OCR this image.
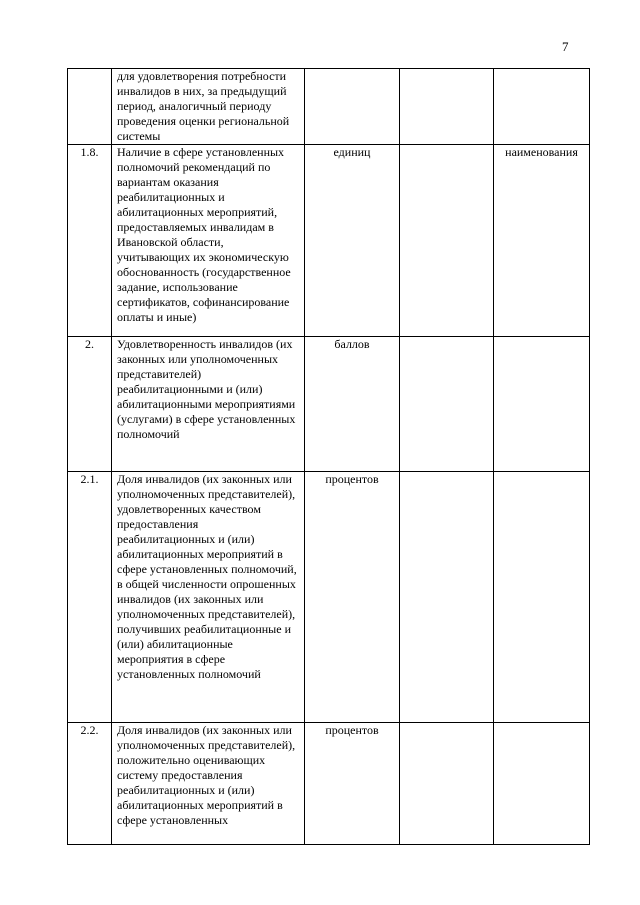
7
	для удовлетворения потребности инвалидов в них, за предыдущий период, аналогичный периоду проведения оценки региональной системы			
1.8.	Наличие в сфере установленных полномочий рекомендаций по вариантам оказания реабилитационных и абилитационных мероприятий, предоставляемых инвалидам в Ивановской области, учитывающих их экономическую обоснованность (государственное задание, использование сертификатов, софинансирование оплаты и иные)	единиц		наименования
2.	Удовлетворенность инвалидов (их законных или уполномоченных представителей) реабилитационными и (или) абилитационными мероприятиями (услугами) в сфере установленных полномочий	баллов		
2.1.	Доля инвалидов (их законных или уполномоченных представителей), удовлетворенных качеством предоставления реабилитационных и (или) абилитационных мероприятий в сфере установленных полномочий, в общей численности опрошенных инвалидов (их законных или уполномоченных представителей), получивших реабилитационные и (или) абилитационные мероприятия в сфере установленных полномочий	процентов		
2.2.	Доля инвалидов (их законных или уполномоченных представителей), положительно оценивающих систему предоставления реабилитационных и (или) абилитационных мероприятий в сфере установленных	процентов		
